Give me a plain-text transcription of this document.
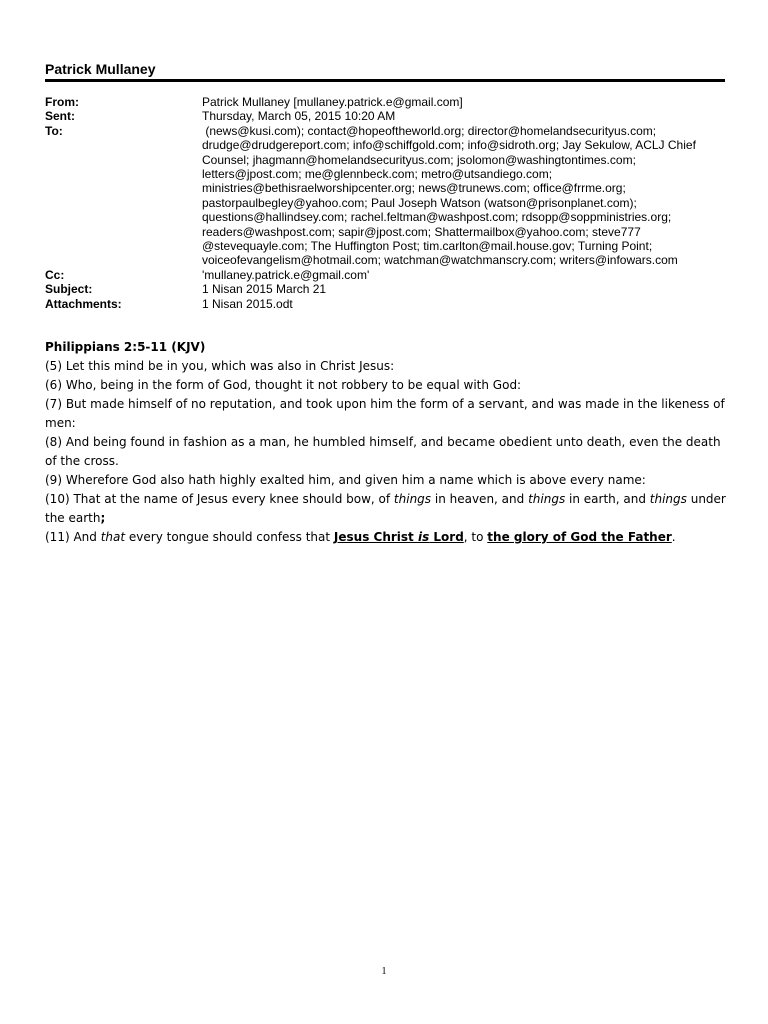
Patrick Mullaney
From:	Patrick Mullaney [mullaney.patrick.e@gmail.com]
Sent:	Thursday, March 05, 2015 10:20 AM
To:	(news@kusi.com); contact@hopeoftheworld.org; director@homelandsecurityus.com;
drudge@drudgereport.com; info@schiffgold.com; info@sidroth.org; Jay Sekulow, ACLJ Chief
Counsel; jhagmann@homelandsecurityus.com; jsolomon@washingtontimes.com;
letters@jpost.com; me@glennbeck.com; metro@utsandiego.com;
ministries@bethisraelworshipcenter.org; news@trunews.com; office@frrme.org;
pastorpaulbegley@yahoo.com; Paul Joseph Watson (watson@prisonplanet.com);
questions@hallindsey.com; rachel.feltman@washpost.com; rdsopp@soppministries.org;
readers@washpost.com; sapir@jpost.com; Shattermailbox@yahoo.com; steve777
@stevequayle.com; The Huffington Post; tim.carlton@mail.house.gov; Turning Point;
voiceofevangelism@hotmail.com; watchman@watchmanscry.com; writers@infowars.com
Cc:	'mullaney.patrick.e@gmail.com'
Subject:	1 Nisan 2015 March 21
Attachments:	1 Nisan 2015.odt

Philippians 2:5-11 (KJV)

(5) Let this mind be in you, which was also in Christ Jesus:

(6) Who, being in the form of God, thought it not robbery to be equal with God:

(7) But made himself of no reputation, and took upon him the form of a servant, and was made in the likeness of men:

(8) And being found in fashion as a man, he humbled himself, and became obedient unto death, even the death of the cross.

(9) Wherefore God also hath highly exalted him, and given him a name which is above every name:

(10) That at the name of Jesus every knee should bow, of things in heaven, and things in earth, and things under the earth;

(11) And that every tongue should confess that Jesus Christ is Lord, to the glory of God the Father.

1
